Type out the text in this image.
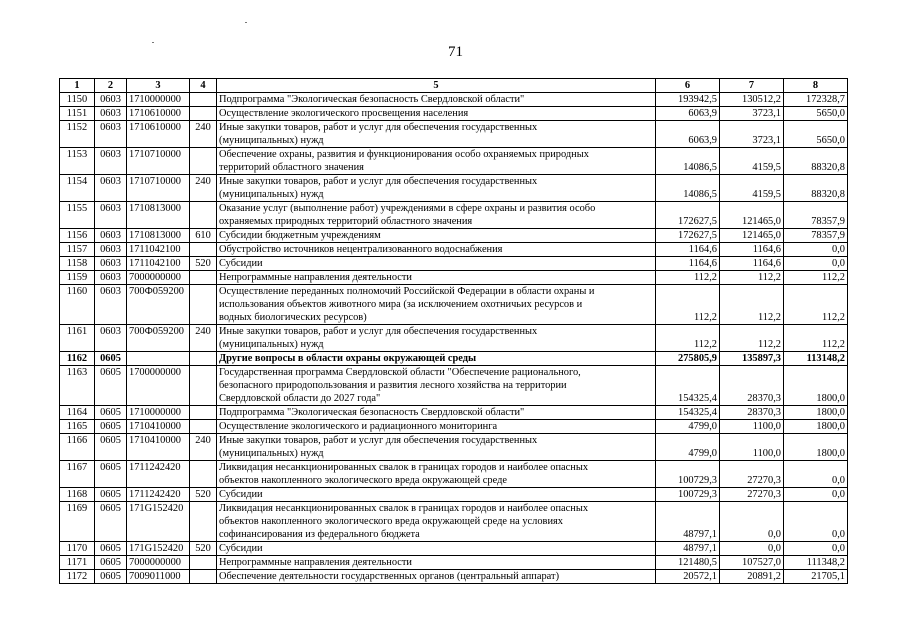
71
1	2	3	4	5	6	7	8
1150	0603	1710000000		Подпрограмма "Экологическая безопасность Свердловской области"	193942,5	130512,2	172328,7
1151	0603	1710610000		Осуществление экологического просвещения населения	6063,9	3723,1	5650,0
1152	0603	1710610000	240	Иные закупки товаров, работ и услуг для обеспечения государственных
(муниципальных) нужд	6063,9	3723,1	5650,0
1153	0603	1710710000		Обеспечение охраны, развития и функционирования особо охраняемых природных
территорий областного значения	14086,5	4159,5	88320,8
1154	0603	1710710000	240	Иные закупки товаров, работ и услуг для обеспечения государственных
(муниципальных) нужд	14086,5	4159,5	88320,8
1155	0603	1710813000		Оказание услуг (выполнение работ) учреждениями в сфере охраны и развития особо
охраняемых природных территорий областного значения	172627,5	121465,0	78357,9
1156	0603	1710813000	610	Субсидии бюджетным учреждениям	172627,5	121465,0	78357,9
1157	0603	1711042100		Обустройство источников нецентрализованного водоснабжения	1164,6	1164,6	0,0
1158	0603	1711042100	520	Субсидии	1164,6	1164,6	0,0
1159	0603	7000000000		Непрограммные направления деятельности	112,2	112,2	112,2
1160	0603	700Ф059200		Осуществление переданных полномочий Российской Федерации в области охраны и
использования объектов животного мира (за исключением охотничьих ресурсов и
водных биологических ресурсов)	112,2	112,2	112,2
1161	0603	700Ф059200	240	Иные закупки товаров, работ и услуг для обеспечения государственных
(муниципальных) нужд	112,2	112,2	112,2
1162	0605			Другие вопросы в области охраны окружающей среды	275805,9	135897,3	113148,2
1163	0605	1700000000		Государственная программа Свердловской области "Обеспечение рационального,
безопасного природопользования и развития лесного хозяйства на территории
Свердловской области до 2027 года"	154325,4	28370,3	1800,0
1164	0605	1710000000		Подпрограмма "Экологическая безопасность Свердловской области"	154325,4	28370,3	1800,0
1165	0605	1710410000		Осуществление экологического и радиационного мониторинга	4799,0	1100,0	1800,0
1166	0605	1710410000	240	Иные закупки товаров, работ и услуг для обеспечения государственных
(муниципальных) нужд	4799,0	1100,0	1800,0
1167	0605	1711242420		Ликвидация несанкционированных свалок в границах городов и наиболее опасных
объектов накопленного экологического вреда окружающей среде	100729,3	27270,3	0,0
1168	0605	1711242420	520	Субсидии	100729,3	27270,3	0,0
1169	0605	171G152420		Ликвидация несанкционированных свалок в границах городов и наиболее опасных
объектов накопленного экологического вреда окружающей среде на условиях
софинансирования из федерального бюджета	48797,1	0,0	0,0
1170	0605	171G152420	520	Субсидии	48797,1	0,0	0,0
1171	0605	7000000000		Непрограммные направления деятельности	121480,5	107527,0	111348,2
1172	0605	7009011000		Обеспечение деятельности государственных органов (центральный аппарат)	20572,1	20891,2	21705,1
